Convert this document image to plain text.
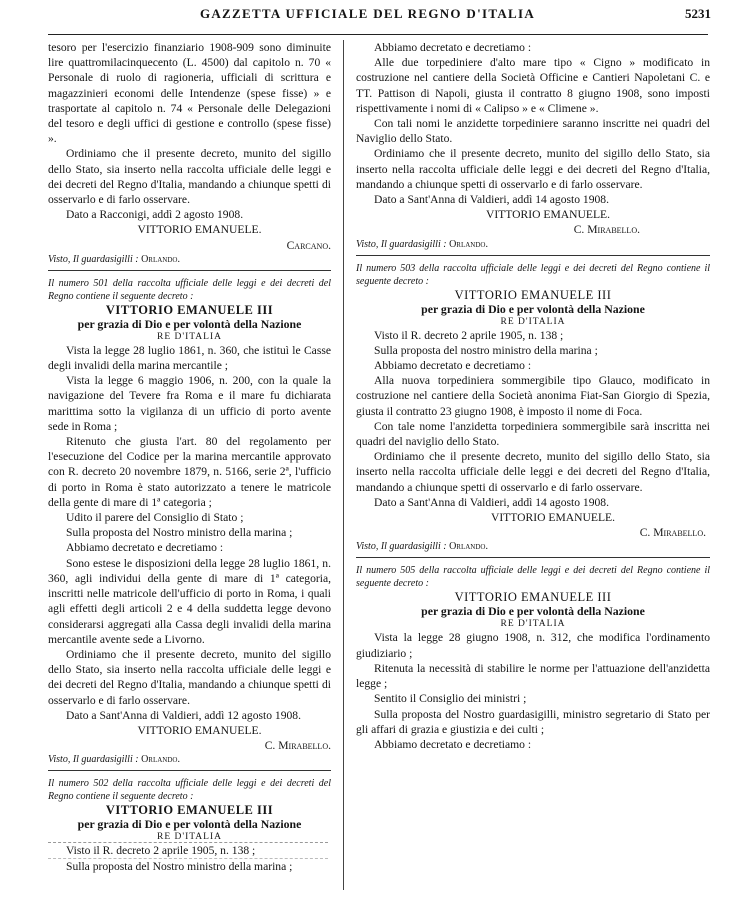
GAZZETTA UFFICIALE DEL REGNO D'ITALIA	5231

tesoro per l'esercizio finanziario 1908-909 sono diminuite lire quattromilacinquecento (L. 4500) dal capitolo n. 70 « Personale di ruolo di ragioneria, ufficiali di scrittura e magazzinieri economi delle Intendenze (spese fisse) » e trasportate al capitolo n. 74 « Personale delle Delegazioni del tesoro e degli uffici di gestione e controllo (spese fisse) ».

Ordiniamo che il presente decreto, munito del sigillo dello Stato, sia inserto nella raccolta ufficiale delle leggi e dei decreti del Regno d'Italia, mandando a chiunque spetti di osservarlo e di farlo osservare.

Dato a Racconigi, addì 2 agosto 1908.

VITTORIO EMANUELE.

Carcano.

Visto, Il guardasigilli : Orlando.

Il numero 501 della raccolta ufficiale delle leggi e dei decreti del Regno contiene il seguente decreto :

VITTORIO EMANUELE III
per grazia di Dio e per volontà della Nazione
RE D'ITALIA

Vista la legge 28 luglio 1861, n. 360, che istituì le Casse degli invalidi della marina mercantile ;

Vista la legge 6 maggio 1906, n. 200, con la quale la navigazione del Tevere fra Roma e il mare fu dichiarata marittima sotto la vigilanza di un ufficio di porto avente sede in Roma ;

Ritenuto che giusta l'art. 80 del regolamento per l'esecuzione del Codice per la marina mercantile approvato con R. decreto 20 novembre 1879, n. 5166, serie 2ª, l'ufficio di porto in Roma è stato autorizzato a tenere le matricole della gente di mare di 1ª categoria ;

Udito il parere del Consiglio di Stato ;

Sulla proposta del Nostro ministro della marina ;

Abbiamo decretato e decretiamo :

Sono estese le disposizioni della legge 28 luglio 1861, n. 360, agli individui della gente di mare di 1ª categoria, inscritti nelle matricole dell'ufficio di porto in Roma, i quali agli effetti degli articoli 2 e 4 della suddetta legge devono considerarsi aggregati alla Cassa degli invalidi della marina mercantile avente sede a Livorno.

Ordiniamo che il presente decreto, munito del sigillo dello Stato, sia inserto nella raccolta ufficiale delle leggi e dei decreti del Regno d'Italia, mandando a chiunque spetti di osservarlo e di farlo osservare.

Dato a Sant'Anna di Valdieri, addì 12 agosto 1908.

VITTORIO EMANUELE.

C. Mirabello.

Visto, Il guardasigilli : Orlando.

Il numero 502 della raccolta ufficiale delle leggi e dei decreti del Regno contiene il seguente decreto :

VITTORIO EMANUELE III
per grazia di Dio e per volontà della Nazione
RE D'ITALIA

Visto il R. decreto 2 aprile 1905, n. 138 ;

Sulla proposta del Nostro ministro della marina ;

Abbiamo decretato e decretiamo :

Alle due torpediniere d'alto mare tipo « Cigno » modificato in costruzione nel cantiere della Società Officine e Cantieri Napoletani C. e TT. Pattison di Napoli, giusta il contratto 8 giugno 1908, sono imposti rispettivamente i nomi di « Calipso » e « Climene ».

Con tali nomi le anzidette torpediniere saranno inscritte nei quadri del Naviglio dello Stato.

Ordiniamo che il presente decreto, munito del sigillo dello Stato, sia inserto nella raccolta ufficiale delle leggi e dei decreti del Regno d'Italia, mandando a chiunque spetti di osservarlo e di farlo osservare.

Dato a Sant'Anna di Valdieri, addì 14 agosto 1908.

VITTORIO EMANUELE.

C. Mirabello.

Visto, Il guardasigilli : Orlando.

Il numero 503 della raccolta ufficiale delle leggi e dei decreti del Regno contiene il seguente decreto :

VITTORIO EMANUELE III
per grazia di Dio e per volontà della Nazione
RE D'ITALIA

Visto il R. decreto 2 aprile 1905, n. 138 ;

Sulla proposta del nostro ministro della marina ;

Abbiamo decretato e decretiamo :

Alla nuova torpediniera sommergibile tipo Glauco, modificato in costruzione nel cantiere della Società anonima Fiat-San Giorgio di Spezia, giusta il contratto 23 giugno 1908, è imposto il nome di Foca.

Con tale nome l'anzidetta torpediniera sommergibile sarà inscritta nei quadri del naviglio dello Stato.

Ordiniamo che il presente decreto, munito del sigillo dello Stato, sia inserto nella raccolta ufficiale delle leggi e dei decreti del Regno d'Italia, mandando a chiunque spetti di osservarlo e di farlo osservare.

Dato a Sant'Anna di Valdieri, addì 14 agosto 1908.

VITTORIO EMANUELE.

C. Mirabello.

Visto, Il guardasigilli : Orlando.

Il numero 505 della raccolta ufficiale delle leggi e dei decreti del Regno contiene il seguente decreto :

VITTORIO EMANUELE III
per grazia di Dio e per volontà della Nazione
RE D'ITALIA

Vista la legge 28 giugno 1908, n. 312, che modifica l'ordinamento giudiziario ;

Ritenuta la necessità di stabilire le norme per l'attuazione dell'anzidetta legge ;

Sentito il Consiglio dei ministri ;

Sulla proposta del Nostro guardasigilli, ministro segretario di Stato per gli affari di grazia e giustizia e dei culti ;

Abbiamo decretato e decretiamo :
